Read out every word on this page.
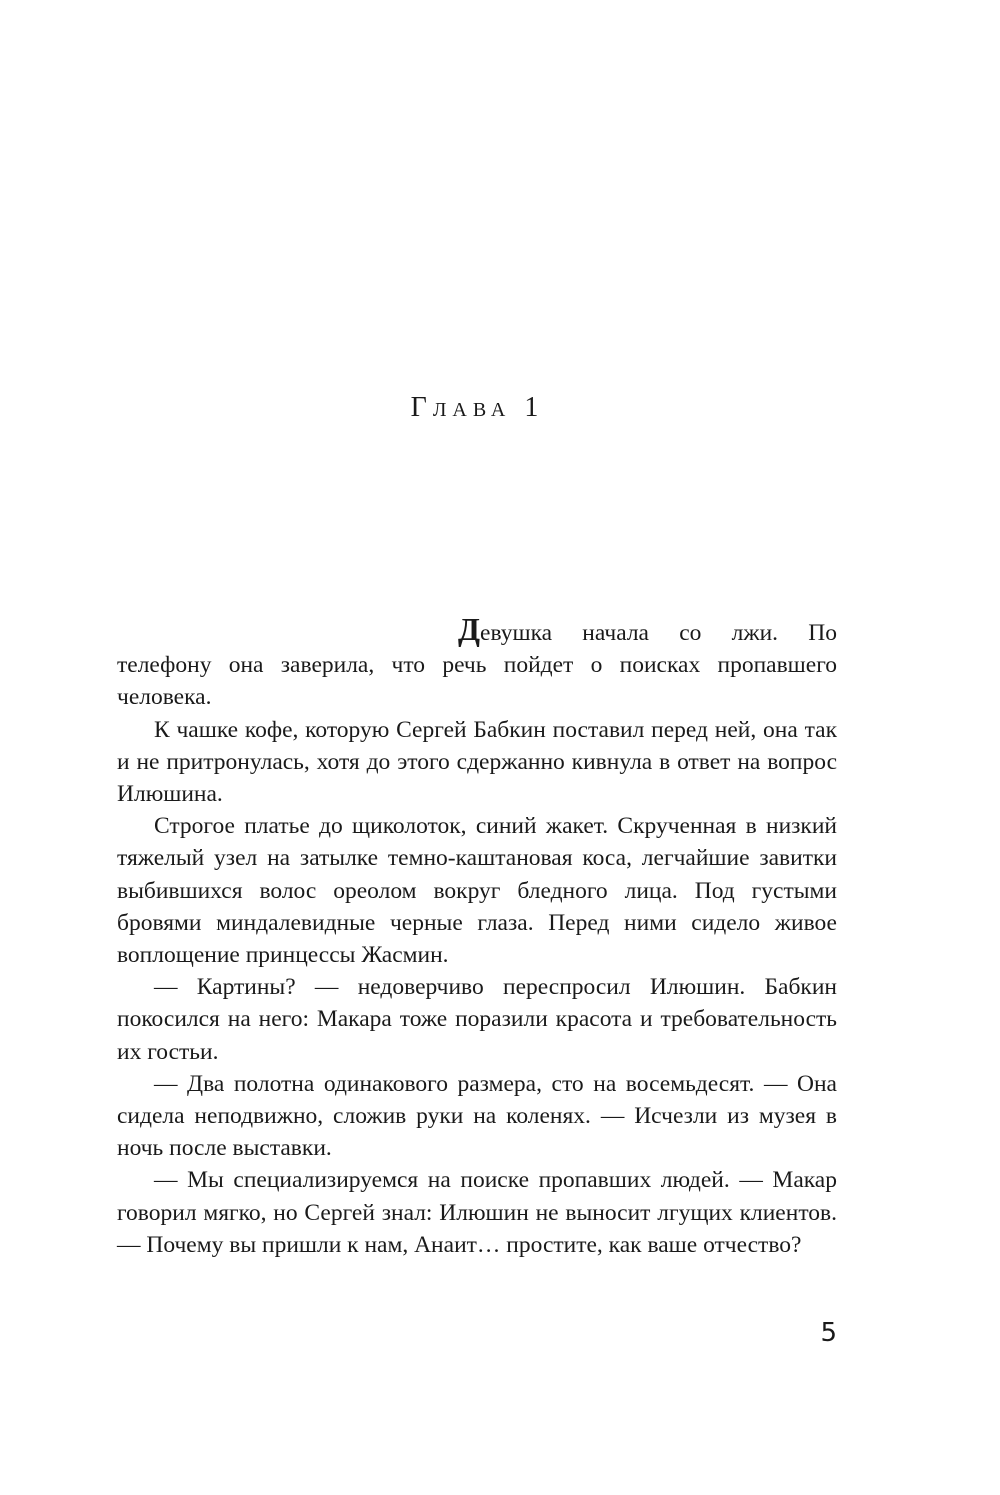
Глава 1

Девушка начала со лжи. По телефону она заверила, что речь пойдет о поисках пропавшего человека.

К чашке кофе, которую Сергей Бабкин поставил перед ней, она так и не притронулась, хотя до этого сдержанно кивнула в ответ на вопрос Илюшина.

Строгое платье до щиколоток, синий жакет. Скрученная в низкий тяжелый узел на затылке темно-каштановая коса, легчайшие завитки выбившихся волос ореолом вокруг бледного лица. Под густыми бровями миндалевидные черные глаза. Перед ними сидело живое воплощение принцессы Жасмин.

— Картины? — недоверчиво переспросил Илюшин. Бабкин покосился на него: Макара тоже поразили красота и требовательность их гостьи.

— Два полотна одинакового размера, сто на восемьдесят. — Она сидела неподвижно, сложив руки на коленях. — Исчезли из музея в ночь после выставки.

— Мы специализируемся на поиске пропавших людей. — Макар говорил мягко, но Сергей знал: Илюшин не выносит лгущих клиентов. — Почему вы пришли к нам, Анаит… простите, как ваше отчество?

5
